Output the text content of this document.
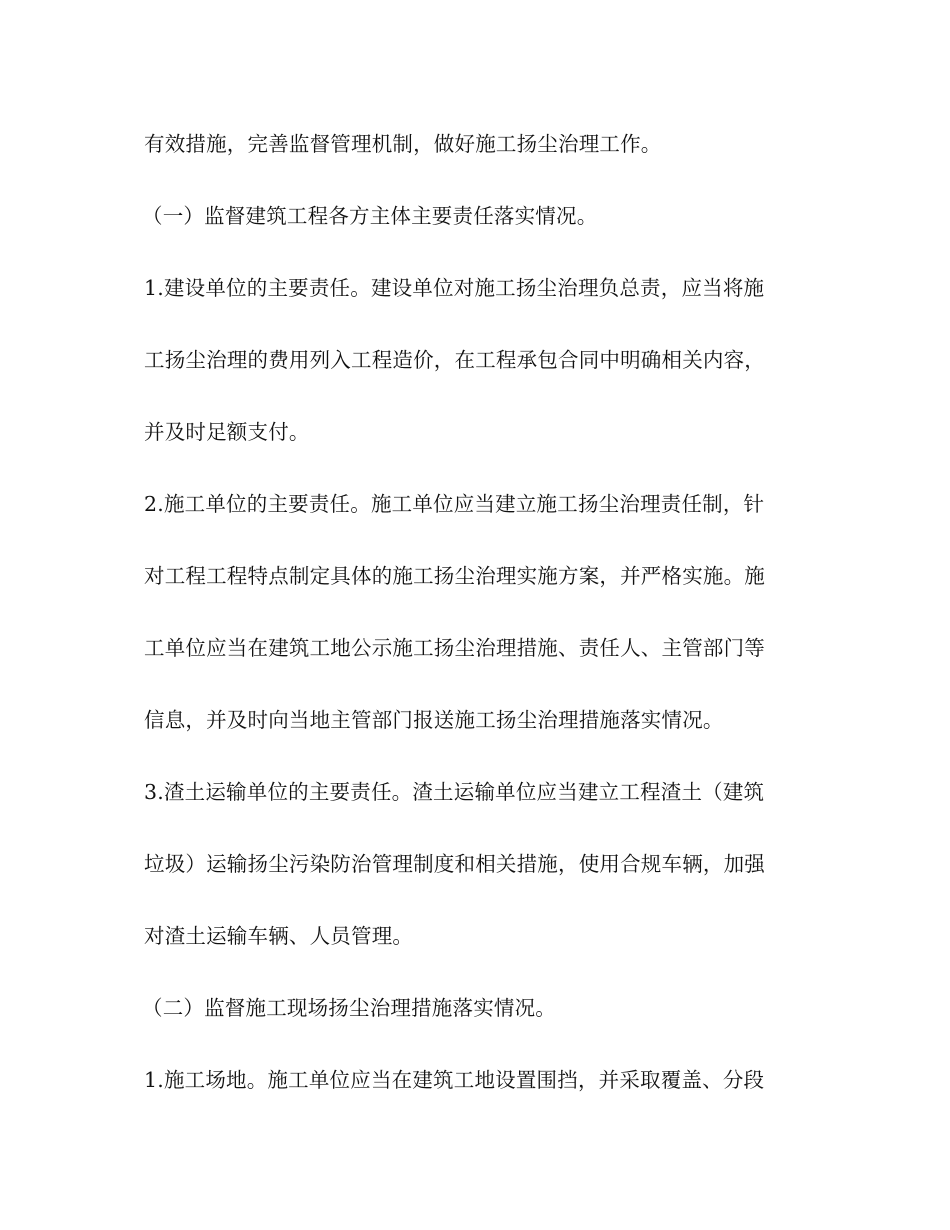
有效措施，完善监督管理机制，做好施工扬尘治理工作。

（一）监督建筑工程各方主体主要责任落实情况。

1.建设单位的主要责任。建设单位对施工扬尘治理负总责，应当将施

工扬尘治理的费用列入工程造价，在工程承包合同中明确相关内容，

并及时足额支付。

2.施工单位的主要责任。施工单位应当建立施工扬尘治理责任制，针

对工程工程特点制定具体的施工扬尘治理实施方案，并严格实施。施

工单位应当在建筑工地公示施工扬尘治理措施、责任人、主管部门等

信息，并及时向当地主管部门报送施工扬尘治理措施落实情况。

3.渣土运输单位的主要责任。渣土运输单位应当建立工程渣土（建筑

垃圾）运输扬尘污染防治管理制度和相关措施，使用合规车辆，加强

对渣土运输车辆、人员管理。

（二）监督施工现场扬尘治理措施落实情况。

1.施工场地。施工单位应当在建筑工地设置围挡，并采取覆盖、分段
